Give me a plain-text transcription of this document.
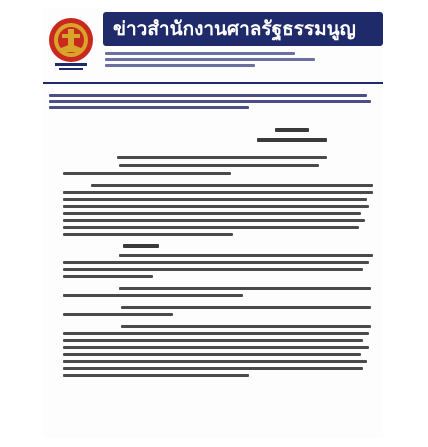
ข่าวสำนักงานศาลรัฐธรรมนูญ
